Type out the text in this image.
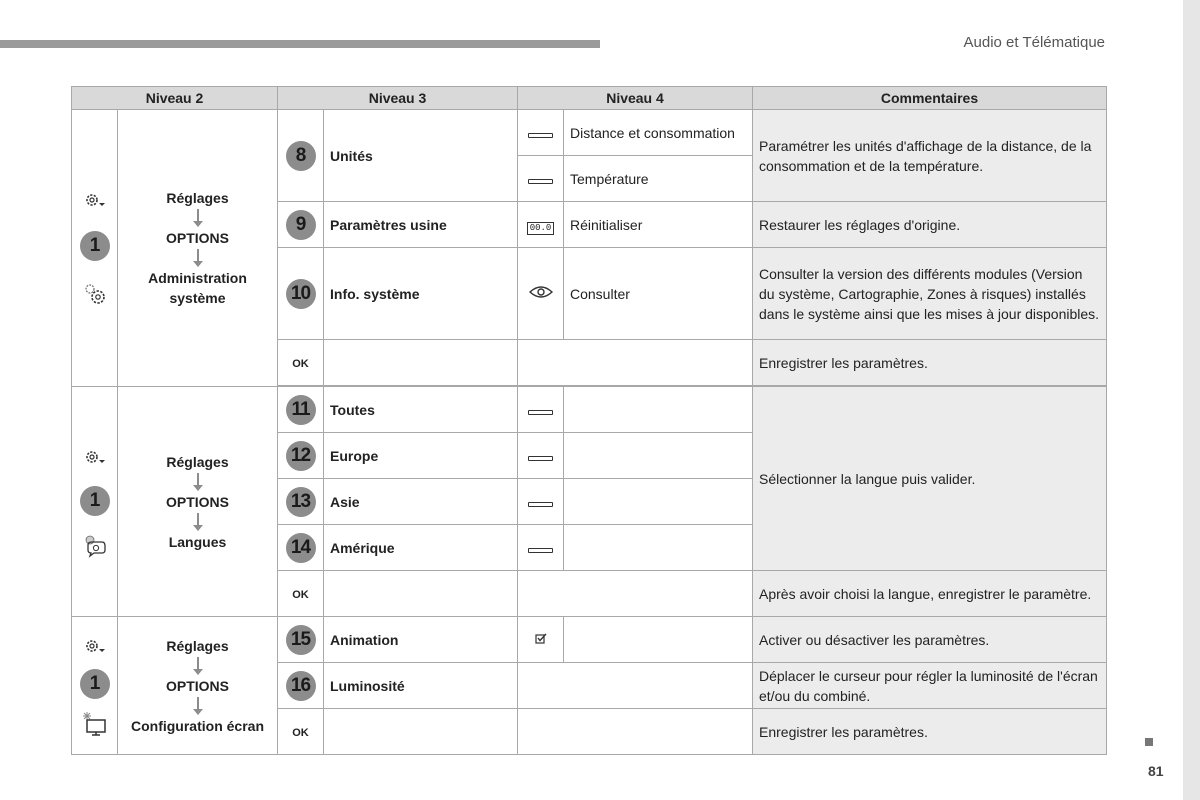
Audio et Télématique
Niveau 2		Niveau 3		Niveau 4		Commentaires

1	Réglages
OPTIONS
Administration système	8	Unités		Distance et consommation	Paramétrer les unités d'affichage de la distance, de la consommation et de la température.
					Température	
		9	Paramètres usine	00.0	Réinitialiser	Restaurer les réglages d'origine.
		10	Info. système		Consulter	Consulter la version des différents modules (Version du système, Cartographie, Zones à risques) installés dans le système ainsi que les mises à jour disponibles.
		OK				Enregistrer les paramètres.

1	Réglages
OPTIONS
Langues	11	Toutes			Sélectionner la langue puis valider.
		12	Europe			
		13	Asie			
		14	Amérique			
		OK				Après avoir choisi la langue, enregistrer le paramètre.

1	Réglages
OPTIONS
Configuration écran	15	Animation			Activer ou désactiver les paramètres.
		16	Luminosité			Déplacer le curseur pour régler la luminosité de l'écran et/ou du combiné.
		OK				Enregistrer les paramètres.
81
